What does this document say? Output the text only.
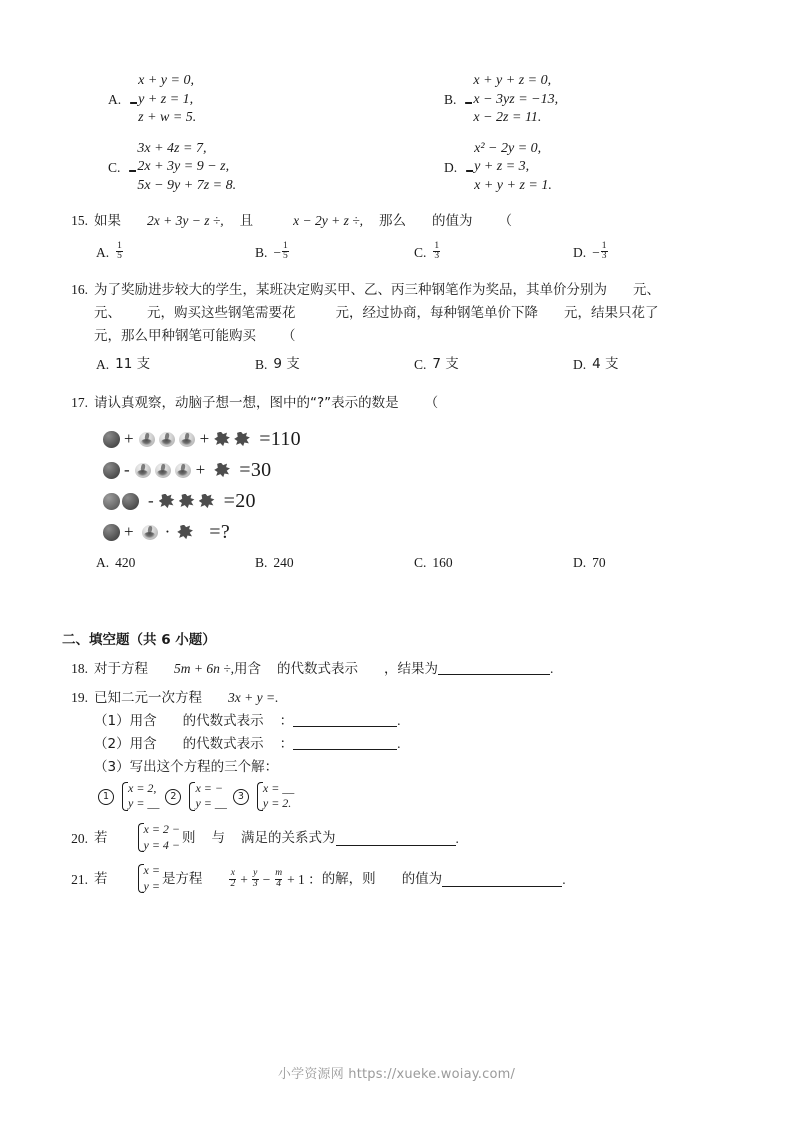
A.
x + y = 0,
y + z = 1,
z + w = 5.
B.
x + y + z = 0,
x − 3yz = −13,
x − 2z = 11.
C.
3x + 4z = 7,
2x + 3y = 9 − z,
5x − 9y + 7z = 8.
D.
x² − 2y = 0,
y + z = 3,
x + y + z = 1.
15. 如果 2x + 3y − z ÷, 且	x − 2y + z ÷, 那么 的值为 （
A. $\frac{1}{5}$	B. − $\frac{1}{5}$	C. $\frac{1}{3}$	D. − $\frac{1}{3}$
16. 为了奖励进步较大的学生，某班决定购买甲、乙、丙三种钢笔作为奖品，其单价分别为 元、
元、 元，购买这些钢笔需要花	元，经过协商，每种钢笔单价下降 元，结果只花了
元，那么甲种钢笔可能购买 （
A. 11 支	B. 9 支	C. 7 支	D. 4 支
17. 请认真观察，动脑子想一想，图中的“?”表示的数是 （
+	+	=110
-	+ =30
-	=20
+ · =?
A. 420	B. 240	C. 160	D. 70
二、填空题（共 6 小题）
18. 对于方程 5m + 6n ÷,用含 的代数式表示 ，结果为	.
19. 已知二元一次方程 3x + y =.
（1）用含 的代数式表示 ：	.
（2）用含 的代数式表示 ：	.
（3）写出这个方程的三个解：
1
x = 2,
y = __	2
x = −
y = __	3
x = __
y = 2.
20. 若
x = 2 −
y = 4 − 则 与 满足的关系式为	.
21. 若
x =
y = 是方程	$\frac{x}{2} + \frac{y}{3} - \frac{m}{4} + 1$ ： 的解，则 的值为	.
小学资源网 https://xueke.woiay.com/
